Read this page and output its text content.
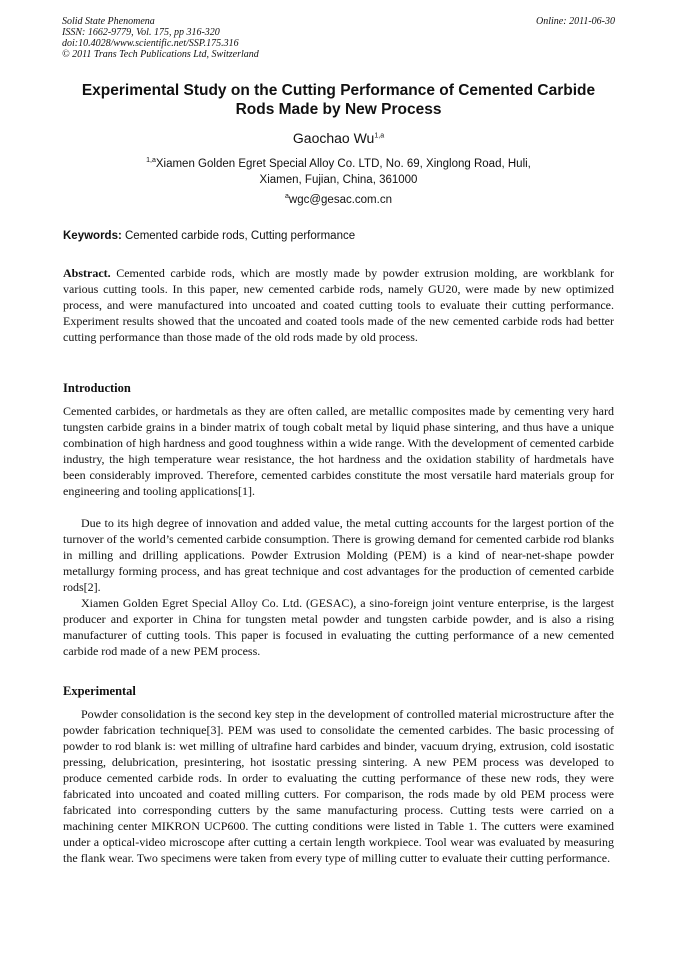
Solid State Phenomena
ISSN: 1662-9779, Vol. 175, pp 316-320
doi:10.4028/www.scientific.net/SSP.175.316
© 2011 Trans Tech Publications Ltd, Switzerland
Online: 2011-06-30
Experimental Study on the Cutting Performance of Cemented Carbide
Rods Made by New Process
Gaochao Wu$^{1,a}$
$^{1,a}$Xiamen Golden Egret Special Alloy Co. LTD, No. 69, Xinglong Road, Huli,
Xiamen, Fujian, China, 361000
$^a$wgc@gesac.com.cn
Keywords: Cemented carbide rods, Cutting performance
Abstract. Cemented carbide rods, which are mostly made by powder extrusion molding, are workblank for various cutting tools. In this paper, new cemented carbide rods, namely GU20, were made by new optimized process, and were manufactured into uncoated and coated cutting tools to evaluate their cutting performance. Experiment results showed that the uncoated and coated tools made of the new cemented carbide rods had better cutting performance than those made of the old rods made by old process.
Introduction

Cemented carbides, or hardmetals as they are often called, are metallic composites made by cementing very hard tungsten carbide grains in a binder matrix of tough cobalt metal by liquid phase sintering, and thus have a unique combination of high hardness and good toughness within a wide range. With the development of cemented carbide industry, the high temperature wear resistance, the hot hardness and the oxidation stability of hardmetals have been considerably improved. Therefore, cemented carbides constitute the most versatile hard materials group for engineering and tooling applications[1].

Due to its high degree of innovation and added value, the metal cutting accounts for the largest portion of the turnover of the world’s cemented carbide consumption. There is growing demand for cemented carbide rod blanks in milling and drilling applications. Powder Extrusion Molding (PEM) is a kind of near-net-shape powder metallurgy forming process, and has great technique and cost advantages for the production of cemented carbide rods[2].

Xiamen Golden Egret Special Alloy Co. Ltd. (GESAC), a sino-foreign joint venture enterprise, is the largest producer and exporter in China for tungsten metal powder and tungsten carbide powder, and is also a rising manufacturer of cutting tools. This paper is focused in evaluating the cutting performance of a new cemented carbide rod made of a new PEM process.

Experimental

Powder consolidation is the second key step in the development of controlled material microstructure after the powder fabrication technique[3]. PEM was used to consolidate the cemented carbides. The basic processing of powder to rod blank is: wet milling of ultrafine hard carbides and binder, vacuum drying, extrusion, cold isostatic pressing, delubrication, presintering, hot isostatic pressing sintering. A new PEM process was developed to produce cemented carbide rods. In order to evaluating the cutting performance of these new rods, they were fabricated into uncoated and coated milling cutters. For comparison, the rods made by old PEM process were fabricated into corresponding cutters by the same manufacturing process. Cutting tests were carried on a machining center MIKRON UCP600. The cutting conditions were listed in Table 1. The cutters were examined under a optical-video microscope after cutting a certain length workpiece. Tool wear was evaluated by measuring the flank wear. Two specimens were taken from every type of milling cutter to evaluate their cutting performance.
